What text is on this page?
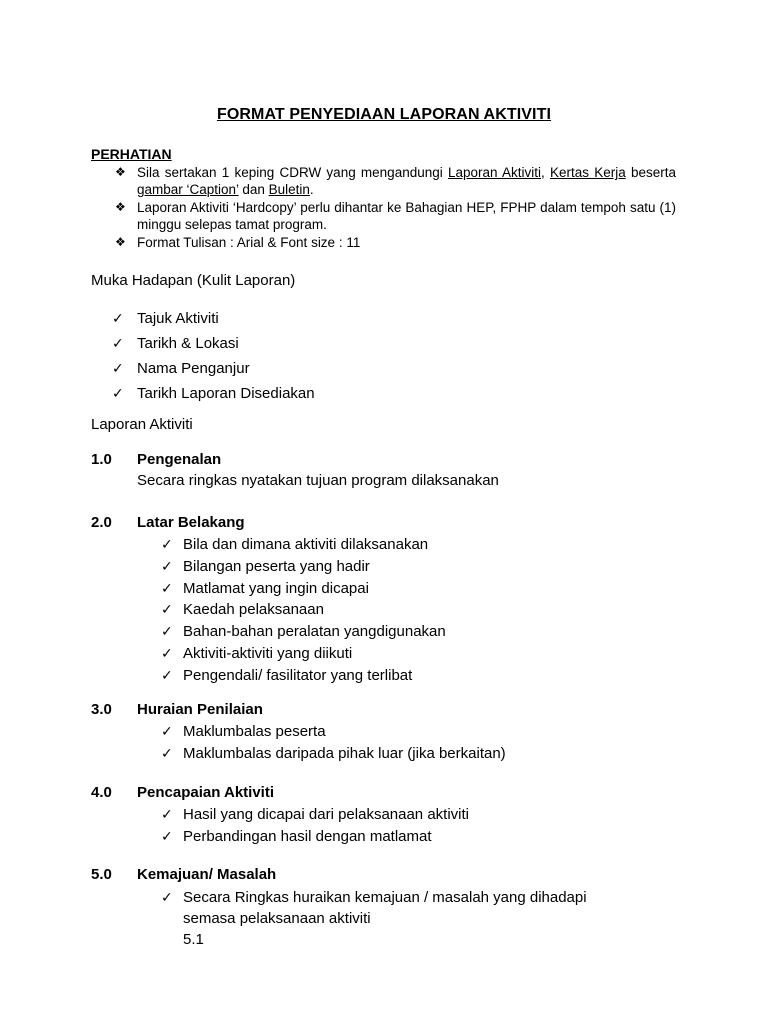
FORMAT PENYEDIAAN LAPORAN AKTIVITI
PERHATIAN
❖ Sila sertakan 1 keping CDRW yang mengandungi Laporan Aktiviti, Kertas Kerja beserta gambar ‘Caption’ dan Buletin.
❖ Laporan Aktiviti ‘Hardcopy’ perlu dihantar ke Bahagian HEP, FPHP dalam tempoh satu (1) minggu selepas tamat program.
❖ Format Tulisan : Arial & Font size : 11
Muka Hadapan (Kulit Laporan)
✓ Tajuk Aktiviti
✓ Tarikh & Lokasi
✓ Nama Penganjur
✓ Tarikh Laporan Disediakan
Laporan Aktiviti
1.0	Pengenalan
Secara ringkas nyatakan tujuan program dilaksanakan
2.0	Latar Belakang
✓ Bila dan dimana aktiviti dilaksanakan
✓ Bilangan peserta yang hadir
✓ Matlamat yang ingin dicapai
✓ Kaedah pelaksanaan
✓ Bahan-bahan peralatan yangdigunakan
✓ Aktiviti-aktiviti yang diikuti
✓ Pengendali/ fasilitator yang terlibat
3.0	Huraian Penilaian
✓ Maklumbalas peserta
✓ Maklumbalas daripada pihak luar (jika berkaitan)
4.0	Pencapaian Aktiviti
✓ Hasil yang dicapai dari pelaksanaan aktiviti
✓ Perbandingan hasil dengan matlamat
5.0	Kemajuan/ Masalah
✓ Secara Ringkas huraikan kemajuan / masalah yang dihadapi
semasa pelaksanaan aktiviti
5.1
